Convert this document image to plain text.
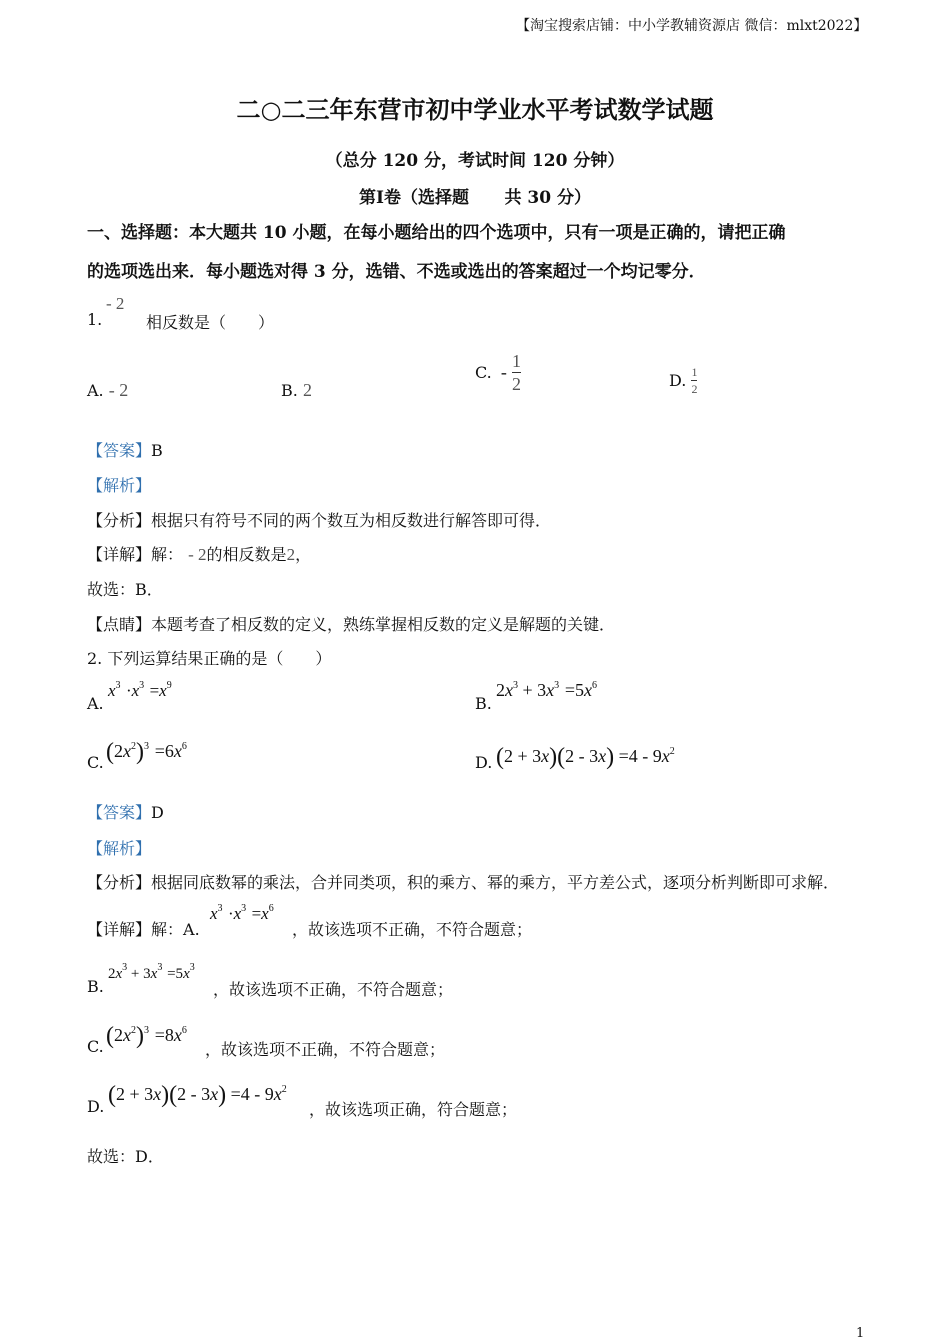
【淘宝搜索店铺：中小学教辅资源店 微信：mlxt2022】
二○二三年东营市初中学业水平考试数学试题
（总分 120 分，考试时间 120 分钟）
第Ⅰ卷（选择题      共 30 分）
一、选择题：本大题共 10 小题，在每小题给出的四个选项中，只有一项是正确的，请把正确
的选项选出来．每小题选对得 3 分，选错、不选或选出的答案超过一个均记零分．
1.
- 2
相反数是（　　）
A. - 2	B. 2
C. - $\frac{1}{2}$	D. $\frac{1}{2}$
【答案】B
【解析】
【分析】根据只有符号不同的两个数互为相反数进行解答即可得．
【详解】解： - 2的相反数是2，
故选：B．
【点睛】本题考查了相反数的定义，熟练掌握相反数的定义是解题的关键．
2. 下列运算结果正确的是（　　）
A.
$x^3 \cdot x^3 =x^9$
B.
$2x^3 + 3x^3 =5x^6$
C. $(2x^2)^3 =6x^6$
D. $(2 + 3x)(2 - 3x) =4 - 9x^2$
【答案】D
【解析】
【分析】根据同底数幂的乘法，合并同类项，积的乘方、幂的乘方，平方差公式，逐项分析判断即可求解．
【详解】解：A.
$x^3 \cdot x^3 =x^6$
，故该选项不正确，不符合题意；
B.
$2x^3 + 3x^3 =5x^3$
，故该选项不正确，不符合题意；
C. $(2x^2)^3 =8x^6$
，故该选项不正确，不符合题意；
D. $(2 + 3x)(2 - 3x) =4 - 9x^2$
，故该选项正确，符合题意；
故选：D．
1
